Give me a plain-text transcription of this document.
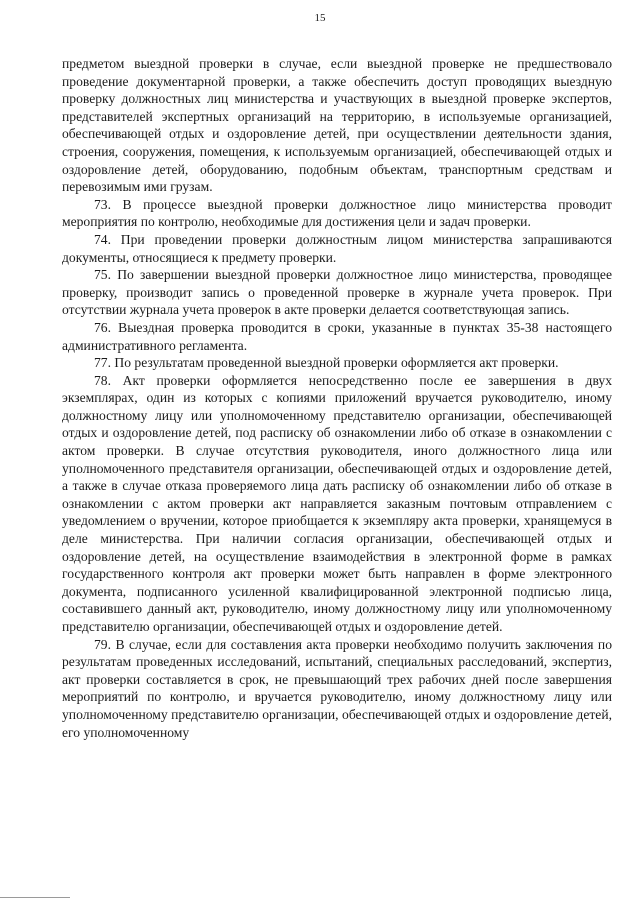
15

предметом выездной проверки в случае, если выездной проверке не предшествовало проведение документарной проверки, а также обеспечить доступ проводящих выездную проверку должностных лиц министерства и участвующих в выездной проверке экспертов, представителей экспертных организаций на территорию, в используемые организацией, обеспечивающей отдых и оздоровление детей, при осуществлении деятельности здания, строения, сооружения, помещения, к используемым организацией, обеспечивающей отдых и оздоровление детей, оборудованию, подобным объектам, транспортным средствам и перевозимым ими грузам.

73. В процессе выездной проверки должностное лицо министерства проводит мероприятия по контролю, необходимые для достижения цели и задач проверки.

74. При проведении проверки должностным лицом министерства запрашиваются документы, относящиеся к предмету проверки.

75. По завершении выездной проверки должностное лицо министерства, проводящее проверку, производит запись о проведенной проверке в журнале учета проверок. При отсутствии журнала учета проверок в акте проверки делается соответствующая запись.

76. Выездная проверка проводится в сроки, указанные в пунктах 35-38 настоящего административного регламента.

77. По результатам проведенной выездной проверки оформляется акт проверки.

78. Акт проверки оформляется непосредственно после ее завершения в двух экземплярах, один из которых с копиями приложений вручается руководителю, иному должностному лицу или уполномоченному представителю организации, обеспечивающей отдых и оздоровление детей, под расписку об ознакомлении либо об отказе в ознакомлении с актом проверки. В случае отсутствия руководителя, иного должностного лица или уполномоченного представителя организации, обеспечивающей отдых и оздоровление детей, а также в случае отказа проверяемого лица дать расписку об ознакомлении либо об отказе в ознакомлении с актом проверки акт направляется заказным почтовым отправлением с уведомлением о вручении, которое приобщается к экземпляру акта проверки, хранящемуся в деле министерства. При наличии согласия организации, обеспечивающей отдых и оздоровление детей, на осуществление взаимодействия в электронной форме в рамках государственного контроля акт проверки может быть направлен в форме электронного документа, подписанного усиленной квалифицированной электронной подписью лица, составившего данный акт, руководителю, иному должностному лицу или уполномоченному представителю организации, обеспечивающей отдых и оздоровление детей.

79. В случае, если для составления акта проверки необходимо получить заключения по результатам проведенных исследований, испытаний, специальных расследований, экспертиз, акт проверки составляется в срок, не превышающий трех рабочих дней после завершения мероприятий по контролю, и вручается руководителю, иному должностному лицу или уполномоченному представителю организации, обеспечивающей отдых и оздоровление детей, его уполномоченному
